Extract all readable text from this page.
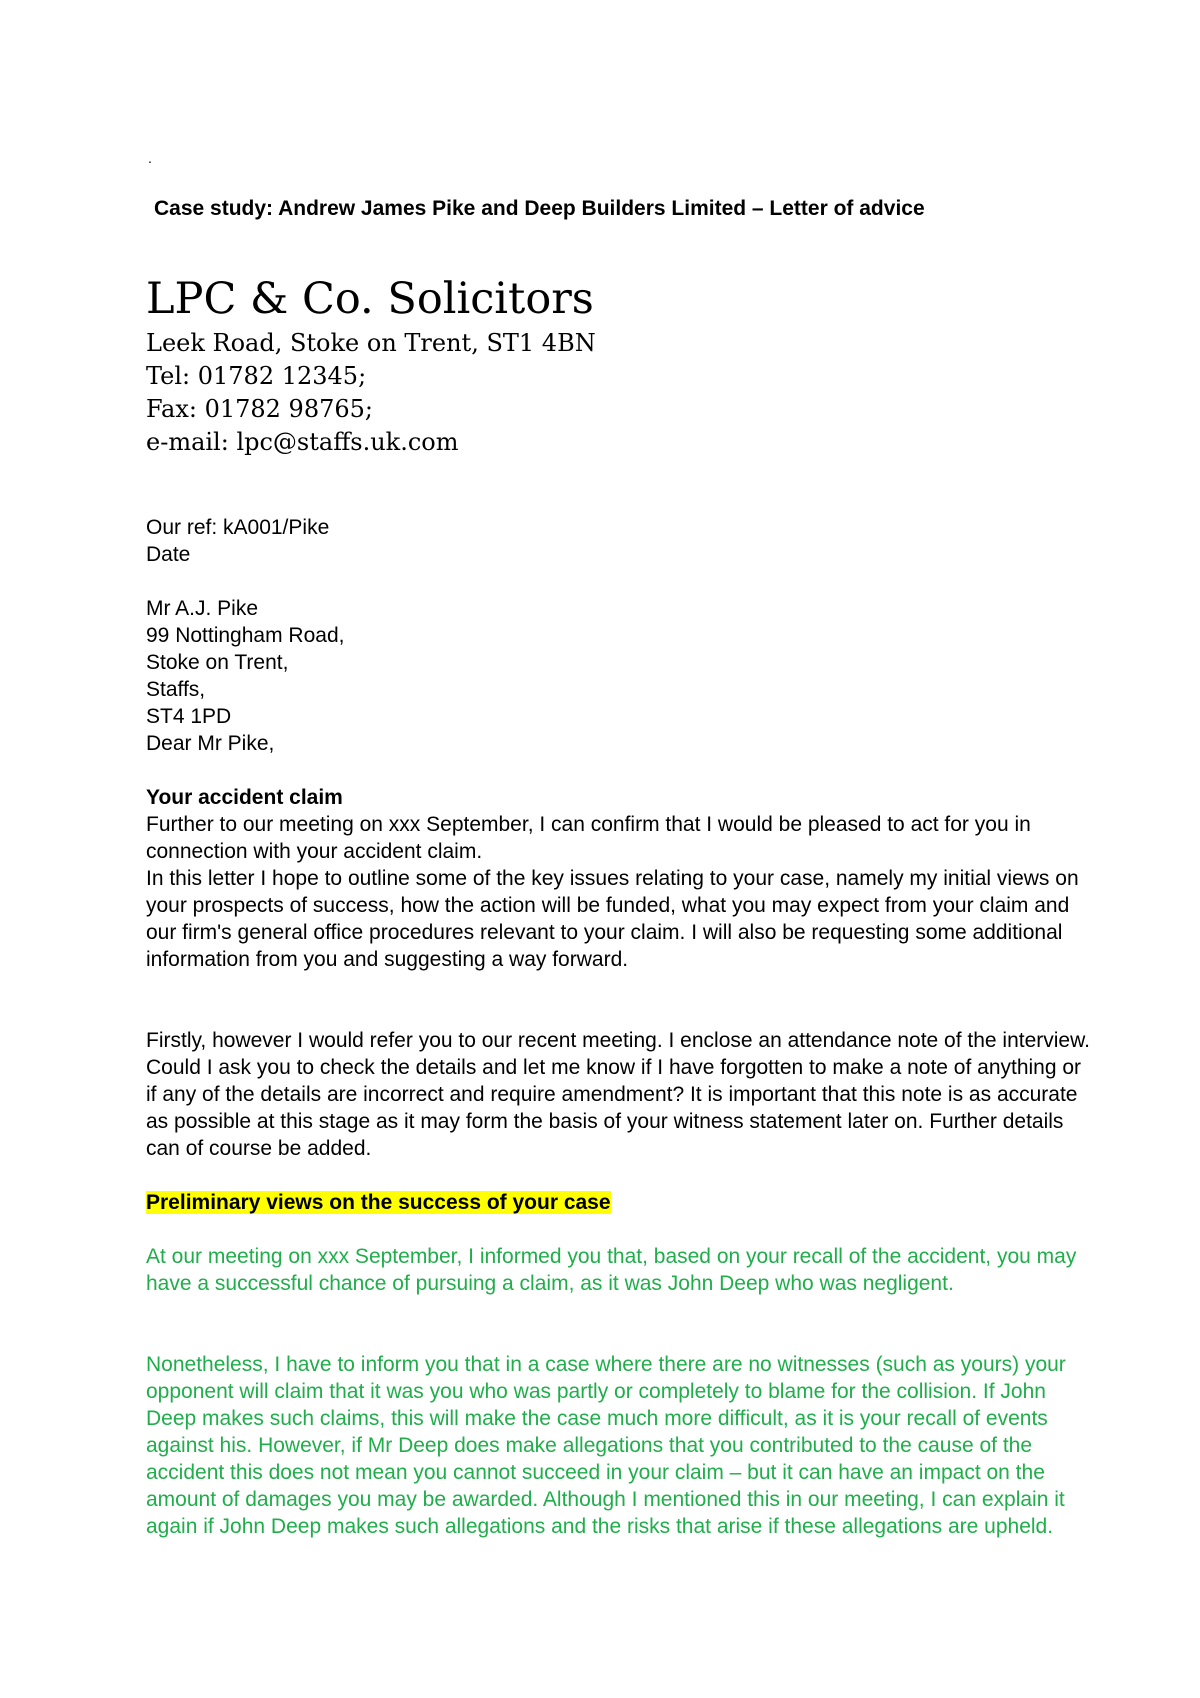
.
Case study: Andrew James Pike and Deep Builders Limited – Letter of advice

LPC & Co. Solicitors

Leek Road, Stoke on Trent, ST1 4BN

Tel: 01782 12345;

Fax: 01782 98765;

e-mail: lpc@staffs.uk.com

Our ref: kA001/Pike

Date

Mr A.J. Pike

99 Nottingham Road,

Stoke on Trent,

Staffs,

ST4 1PD

Dear Mr Pike,

Your accident claim

Further to our meeting on xxx September, I can confirm that I would be pleased to act for you in connection with your accident claim.

In this letter I hope to outline some of the key issues relating to your case, namely my initial views on your prospects of success, how the action will be funded, what you may expect from your claim and our firm's general office procedures relevant to your claim. I will also be requesting some additional information from you and suggesting a way forward.

Firstly, however I would refer you to our recent meeting. I enclose an attendance note of the interview. Could I ask you to check the details and let me know if I have forgotten to make a note of anything or if any of the details are incorrect and require amendment? It is important that this note is as accurate as possible at this stage as it may form the basis of your witness statement later on. Further details can of course be added.

Preliminary views on the success of your case

At our meeting on xxx September, I informed you that, based on your recall of the accident, you may have a successful chance of pursuing a claim, as it was John Deep who was negligent.

Nonetheless, I have to inform you that in a case where there are no witnesses (such as yours) your opponent will claim that it was you who was partly or completely to blame for the collision. If John Deep makes such claims, this will make the case much more difficult, as it is your recall of events against his. However, if Mr Deep does make allegations that you contributed to the cause of the accident this does not mean you cannot succeed in your claim – but it can have an impact on the amount of damages you may be awarded. Although I mentioned this in our meeting, I can explain it again if John Deep makes such allegations and the risks that arise if these allegations are upheld.
